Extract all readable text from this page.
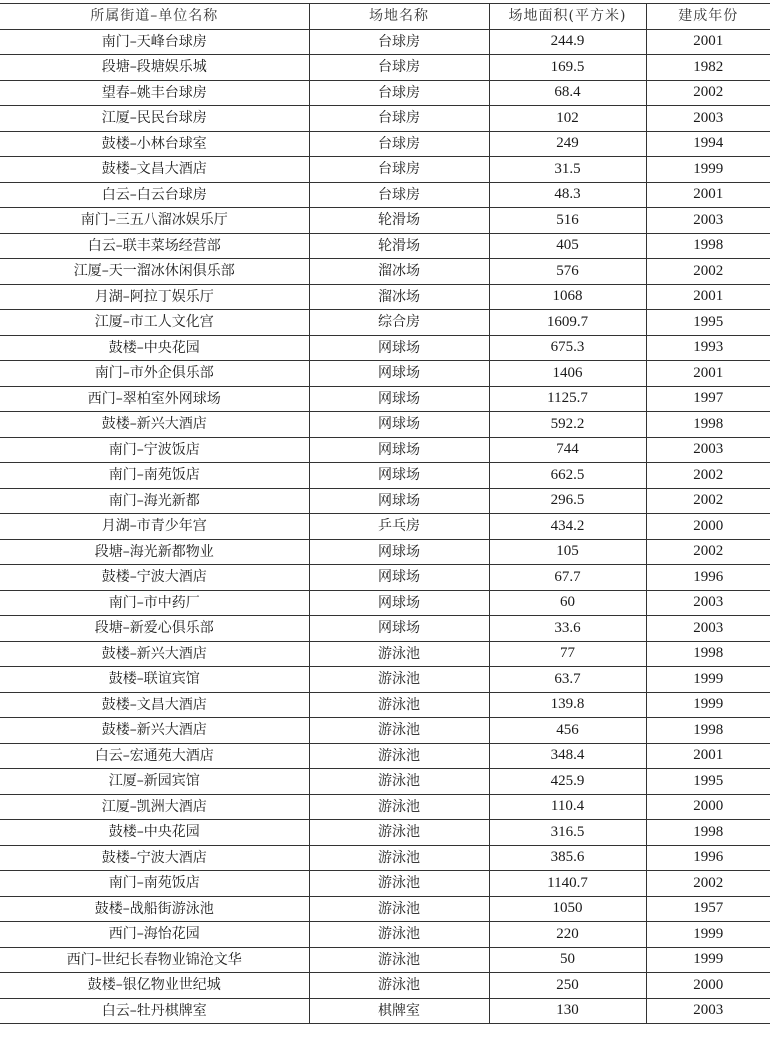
所属街道–单位名称	场地名称	场地面积(平方米)	建成年份
南门–天峰台球房	台球房	244.9	2001
段塘–段塘娱乐城	台球房	169.5	1982
望春–姚丰台球房	台球房	68.4	2002
江厦–民民台球房	台球房	102	2003
鼓楼–小林台球室	台球房	249	1994
鼓楼–文昌大酒店	台球房	31.5	1999
白云–白云台球房	台球房	48.3	2001
南门–三五八溜冰娱乐厅	轮滑场	516	2003
白云–联丰菜场经营部	轮滑场	405	1998
江厦–天一溜冰休闲俱乐部	溜冰场	576	2002
月湖–阿拉丁娱乐厅	溜冰场	1068	2001
江厦–市工人文化宫	综合房	1609.7	1995
鼓楼–中央花园	网球场	675.3	1993
南门–市外企俱乐部	网球场	1406	2001
西门–翠柏室外网球场	网球场	1125.7	1997
鼓楼–新兴大酒店	网球场	592.2	1998
南门–宁波饭店	网球场	744	2003
南门–南苑饭店	网球场	662.5	2002
南门–海光新都	网球场	296.5	2002
月湖–市青少年宫	乒乓房	434.2	2000
段塘–海光新都物业	网球场	105	2002
鼓楼–宁波大酒店	网球场	67.7	1996
南门–市中药厂	网球场	60	2003
段塘–新爱心俱乐部	网球场	33.6	2003
鼓楼–新兴大酒店	游泳池	77	1998
鼓楼–联谊宾馆	游泳池	63.7	1999
鼓楼–文昌大酒店	游泳池	139.8	1999
鼓楼–新兴大酒店	游泳池	456	1998
白云–宏通苑大酒店	游泳池	348.4	2001
江厦–新园宾馆	游泳池	425.9	1995
江厦–凯洲大酒店	游泳池	110.4	2000
鼓楼–中央花园	游泳池	316.5	1998
鼓楼–宁波大酒店	游泳池	385.6	1996
南门–南苑饭店	游泳池	1140.7	2002
鼓楼–战船街游泳池	游泳池	1050	1957
西门–海怡花园	游泳池	220	1999
西门–世纪长春物业锦沧文华	游泳池	50	1999
鼓楼–银亿物业世纪城	游泳池	250	2000
白云–牡丹棋牌室	棋牌室	130	2003
